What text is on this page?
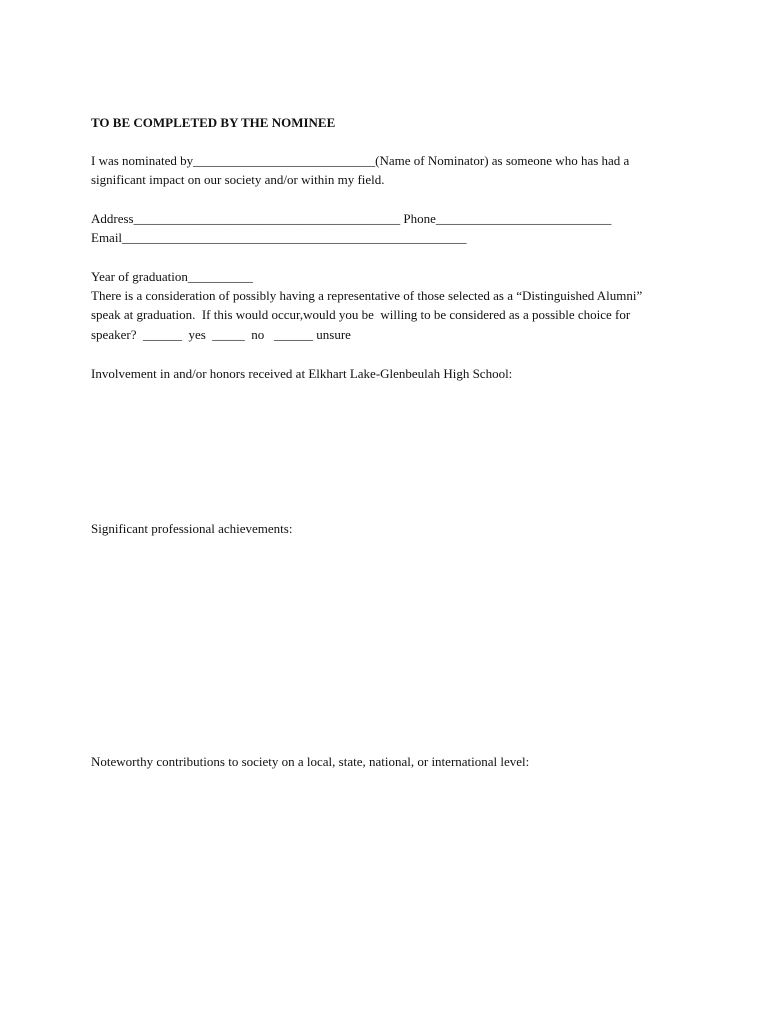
TO BE COMPLETED BY THE NOMINEE
I was nominated by____________________________(Name of Nominator) as someone who has had a
significant impact on our society and/or within my field.
Address_________________________________________ Phone___________________________
Email_____________________________________________________
Year of graduation__________
There is a consideration of possibly having a representative of those selected as a “Distinguished Alumni”
speak at graduation.  If this would occur,would you be  willing to be considered as a possible choice for
speaker?  ______  yes  _____  no   ______ unsure
Involvement in and/or honors received at Elkhart Lake-Glenbeulah High School:
Significant professional achievements:
Noteworthy contributions to society on a local, state, national, or international level:
